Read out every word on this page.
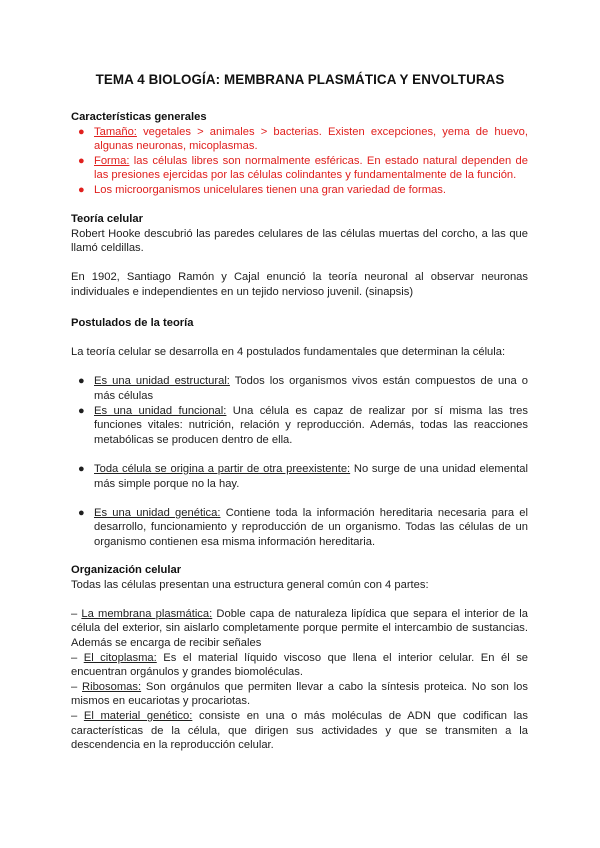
TEMA 4 BIOLOGÍA: MEMBRANA PLASMÁTICA Y ENVOLTURAS
Características generales
● Tamaño: vegetales > animales > bacterias. Existen excepciones, yema de huevo, algunas neuronas, micoplasmas.
● Forma: las células libres son normalmente esféricas. En estado natural dependen de las presiones ejercidas por las células colindantes y fundamentalmente de la función.
● Los microorganismos unicelulares tienen una gran variedad de formas.
Teoría celular

Robert Hooke descubrió las paredes celulares de las células muertas del corcho, a las que llamó celdillas.

En 1902, Santiago Ramón y Cajal enunció la teoría neuronal al observar neuronas individuales e independientes en un tejido nervioso juvenil. (sinapsis)

Postulados de la teoría

La teoría celular se desarrolla en 4 postulados fundamentales que determinan la célula:

● Es una unidad estructural: Todos los organismos vivos están compuestos de una o más células
● Es una unidad funcional: Una célula es capaz de realizar por sí misma las tres funciones vitales: nutrición, relación y reproducción. Además, todas las reacciones metabólicas se producen dentro de ella.
● Toda célula se origina a partir de otra preexistente: No surge de una unidad elemental más simple porque no la hay.
● Es una unidad genética: Contiene toda la información hereditaria necesaria para el desarrollo, funcionamiento y reproducción de un organismo. Todas las células de un organismo contienen esa misma información hereditaria.
Organización celular

Todas las células presentan una estructura general común con 4 partes:

– La membrana plasmática: Doble capa de naturaleza lipídica que separa el interior de la célula del exterior, sin aislarlo completamente porque permite el intercambio de sustancias. Además se encarga de recibir señales

– El citoplasma: Es el material líquido viscoso que llena el interior celular. En él se encuentran orgánulos y grandes biomoléculas.

– Ribosomas: Son orgánulos que permiten llevar a cabo la síntesis proteica. No son los mismos en eucariotas y procariotas.

– El material genético: consiste en una o más moléculas de ADN que codifican las características de la célula, que dirigen sus actividades y que se transmiten a la descendencia en la reproducción celular.
